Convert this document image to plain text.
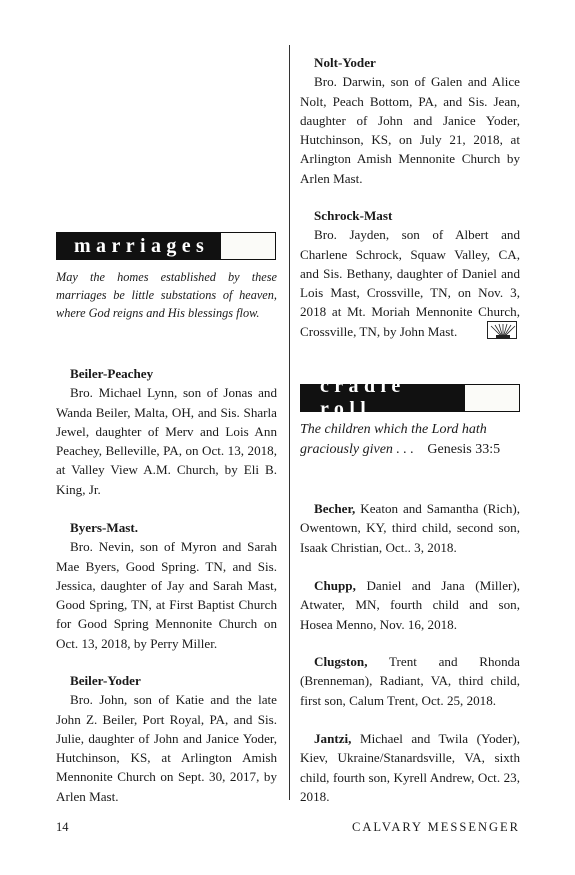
marriages

May the homes established by these marriages be little substations of heaven, where God reigns and His blessings flow.

Beiler-Peachey

Bro. Michael Lynn, son of Jonas and Wanda Beiler, Malta, OH, and Sis. Sharla Jewel, daughter of Merv and Lois Ann Peachey, Belleville, PA, on Oct. 13, 2018, at Valley View A.M. Church, by Eli B. King, Jr.

Byers-Mast.

Bro. Nevin, son of Myron and Sarah Mae Byers, Good Spring. TN, and Sis. Jessica, daughter of Jay and Sarah Mast, Good Spring, TN, at First Baptist Church for Good Spring Mennonite Church on Oct. 13, 2018, by Perry Miller.

Beiler-Yoder

Bro. John, son of Katie and the late John Z. Beiler, Port Royal, PA, and Sis. Julie, daughter of John and Janice Yoder, Hutchinson, KS, at Arlington Amish Mennonite Church on Sept. 30, 2017, by Arlen Mast.

Nolt-Yoder

Bro. Darwin, son of Galen and Alice Nolt, Peach Bottom, PA, and Sis. Jean, daughter of John and Janice Yoder, Hutchinson, KS, on July 21, 2018, at Arlington Amish Mennonite Church by Arlen Mast.

Schrock-Mast

Bro. Jayden, son of Albert and Charlene Schrock, Squaw Valley, CA, and Sis. Bethany, daughter of Daniel and Lois Mast, Crossville, TN, on Nov. 3, 2018 at Mt. Moriah Mennonite Church, Crossville, TN, by John Mast.

cradle roll
The children which the Lord hath graciously given . . . Genesis 33:5

Becher, Keaton and Samantha (Rich), Owentown, KY, third child, second son, Isaak Christian, Oct.. 3, 2018.

Chupp, Daniel and Jana (Miller), Atwater, MN, fourth child and son, Hosea Menno, Nov. 16, 2018.

Clugston, Trent and Rhonda (Brenneman), Radiant, VA, third child, first son, Calum Trent, Oct. 25, 2018.

Jantzi, Michael and Twila (Yoder), Kiev, Ukraine/Stanardsville, VA, sixth child, fourth son, Kyrell Andrew, Oct. 23, 2018.

14	CALVARY MESSENGER
